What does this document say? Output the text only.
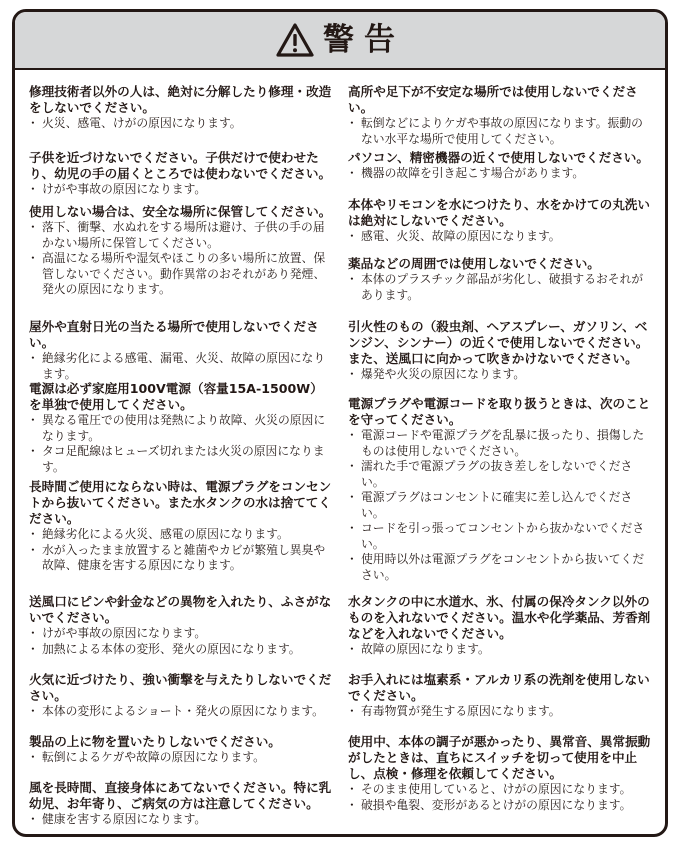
警告

修理技術者以外の人は、絶対に分解したり修理・改造をしないでください。

・ 火災、感電、けがの原因になります。

子供を近づけないでください。子供だけで使わせたり、幼児の手の届くところでは使わないでください。

・ けがや事故の原因になります。

使用しない場合は、安全な場所に保管してください。

・ 落下、衝撃、水ぬれをする場所は避け、子供の手の届かない場所に保管してください。

・ 高温になる場所や湿気やほこりの多い場所に放置、保管しないでください。動作異常のおそれがあり発煙、発火の原因になります。

屋外や直射日光の当たる場所で使用しないでください。

・ 絶縁劣化による感電、漏電、火災、故障の原因になります。

電源は必ず家庭用100V電源（容量15A-1500W）を単独で使用してください。

・ 異なる電圧での使用は発熱により故障、火災の原因になります。

・ タコ足配線はヒューズ切れまたは火災の原因になります。

長時間ご使用にならない時は、電源プラグをコンセントから抜いてください。また水タンクの水は捨ててください。

・ 絶縁劣化による火災、感電の原因になります。

・ 水が入ったまま放置すると雑菌やカビが繁殖し異臭や故障、健康を害する原因になります。

送風口にピンや針金などの異物を入れたり、ふさがないでください。

・ けがや事故の原因になります。

・ 加熱による本体の変形、発火の原因になります。

火気に近づけたり、強い衝撃を与えたりしないでください。

・ 本体の変形によるショート・発火の原因になります。

製品の上に物を置いたりしないでください。

・ 転倒によるケガや故障の原因になります。

風を長時間、直接身体にあてないでください。特に乳幼児、お年寄り、ご病気の方は注意してください。

・ 健康を害する原因になります。

高所や足下が不安定な場所では使用しないでください。

・ 転倒などによりケガや事故の原因になります。振動のない水平な場所で使用してください。

パソコン、精密機器の近くで使用しないでください。

・ 機器の故障を引き起こす場合があります。

本体やリモコンを水につけたり、水をかけての丸洗いは絶対にしないでください。

・ 感電、火災、故障の原因になります。

薬品などの周囲では使用しないでください。

・ 本体のプラスチック部品が劣化し、破損するおそれがあります。

引火性のもの（殺虫剤、ヘアスプレー、ガソリン、ベンジン、シンナー）の近くで使用しないでください。また、送風口に向かって吹きかけないでください。

・ 爆発や火災の原因になります。

電源プラグや電源コードを取り扱うときは、次のことを守ってください。

・ 電源コードや電源プラグを乱暴に扱ったり、損傷したものは使用しないでください。

・ 濡れた手で電源プラグの抜き差しをしないでください。

・ 電源プラグはコンセントに確実に差し込んでください。

・ コードを引っ張ってコンセントから抜かないでください。

・ 使用時以外は電源プラグをコンセントから抜いてください。

水タンクの中に水道水、氷、付属の保冷タンク以外のものを入れないでください。温水や化学薬品、芳香剤などを入れないでください。

・ 故障の原因になります。

お手入れには塩素系・アルカリ系の洗剤を使用しないでください。

・ 有毒物質が発生する原因になります。

使用中、本体の調子が悪かったり、異常音、異常振動がしたときは、直ちにスイッチを切って使用を中止し、点検・修理を依頼してください。

・ そのまま使用していると、けがの原因になります。

・ 破損や亀裂、変形があるとけがの原因になります。
